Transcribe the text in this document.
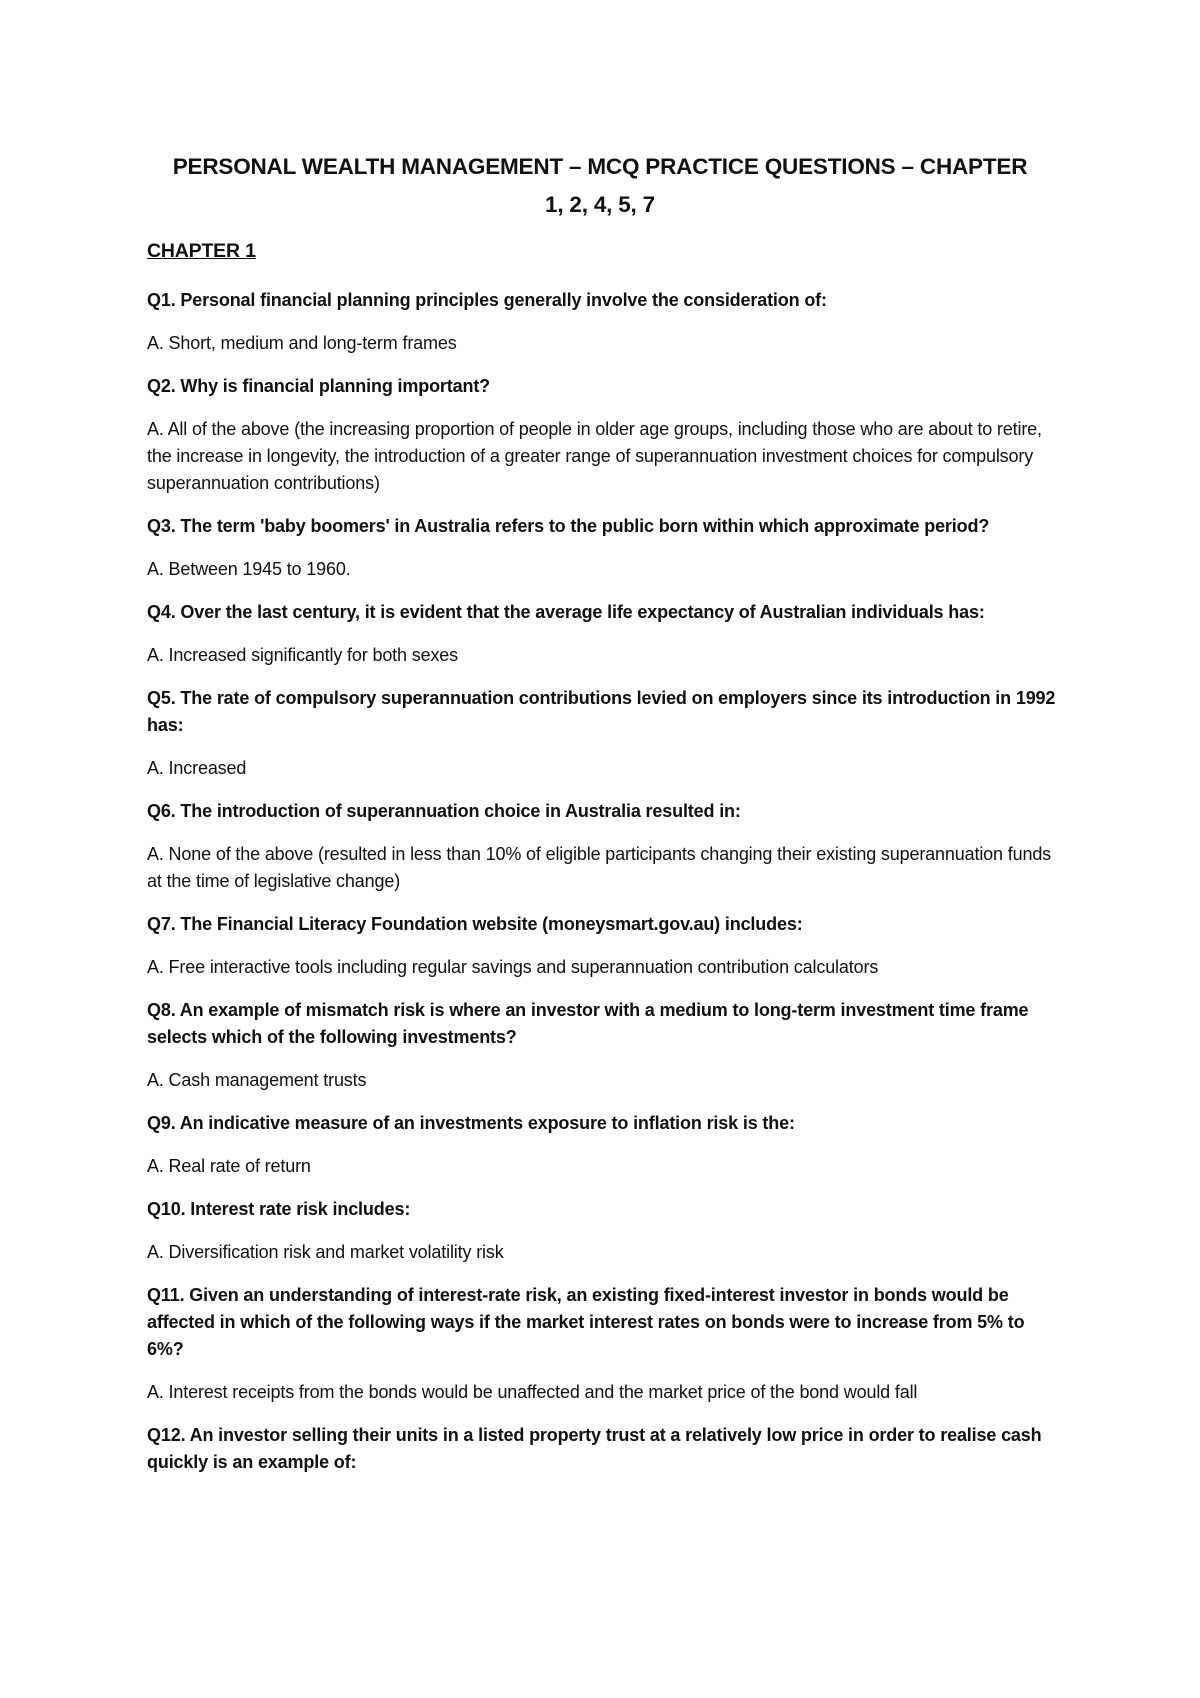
PERSONAL WEALTH MANAGEMENT – MCQ PRACTICE QUESTIONS – CHAPTER
1, 2, 4, 5, 7
CHAPTER 1

Q1. Personal financial planning principles generally involve the consideration of:

A. Short, medium and long-term frames

Q2. Why is financial planning important?

A. All of the above (the increasing proportion of people in older age groups, including those who are about to retire, the increase in longevity, the introduction of a greater range of superannuation investment choices for compulsory superannuation contributions)

Q3. The term 'baby boomers' in Australia refers to the public born within which approximate period?

A. Between 1945 to 1960.

Q4. Over the last century, it is evident that the average life expectancy of Australian individuals has:

A. Increased significantly for both sexes

Q5. The rate of compulsory superannuation contributions levied on employers since its introduction in 1992 has:

A. Increased

Q6. The introduction of superannuation choice in Australia resulted in:

A. None of the above (resulted in less than 10% of eligible participants changing their existing superannuation funds at the time of legislative change)

Q7. The Financial Literacy Foundation website (moneysmart.gov.au) includes:

A. Free interactive tools including regular savings and superannuation contribution calculators

Q8. An example of mismatch risk is where an investor with a medium to long-term investment time frame selects which of the following investments?

A. Cash management trusts

Q9. An indicative measure of an investments exposure to inflation risk is the:

A. Real rate of return

Q10. Interest rate risk includes:

A. Diversification risk and market volatility risk

Q11. Given an understanding of interest-rate risk, an existing fixed-interest investor in bonds would be affected in which of the following ways if the market interest rates on bonds were to increase from 5% to 6%?

A. Interest receipts from the bonds would be unaffected and the market price of the bond would fall

Q12. An investor selling their units in a listed property trust at a relatively low price in order to realise cash quickly is an example of:
